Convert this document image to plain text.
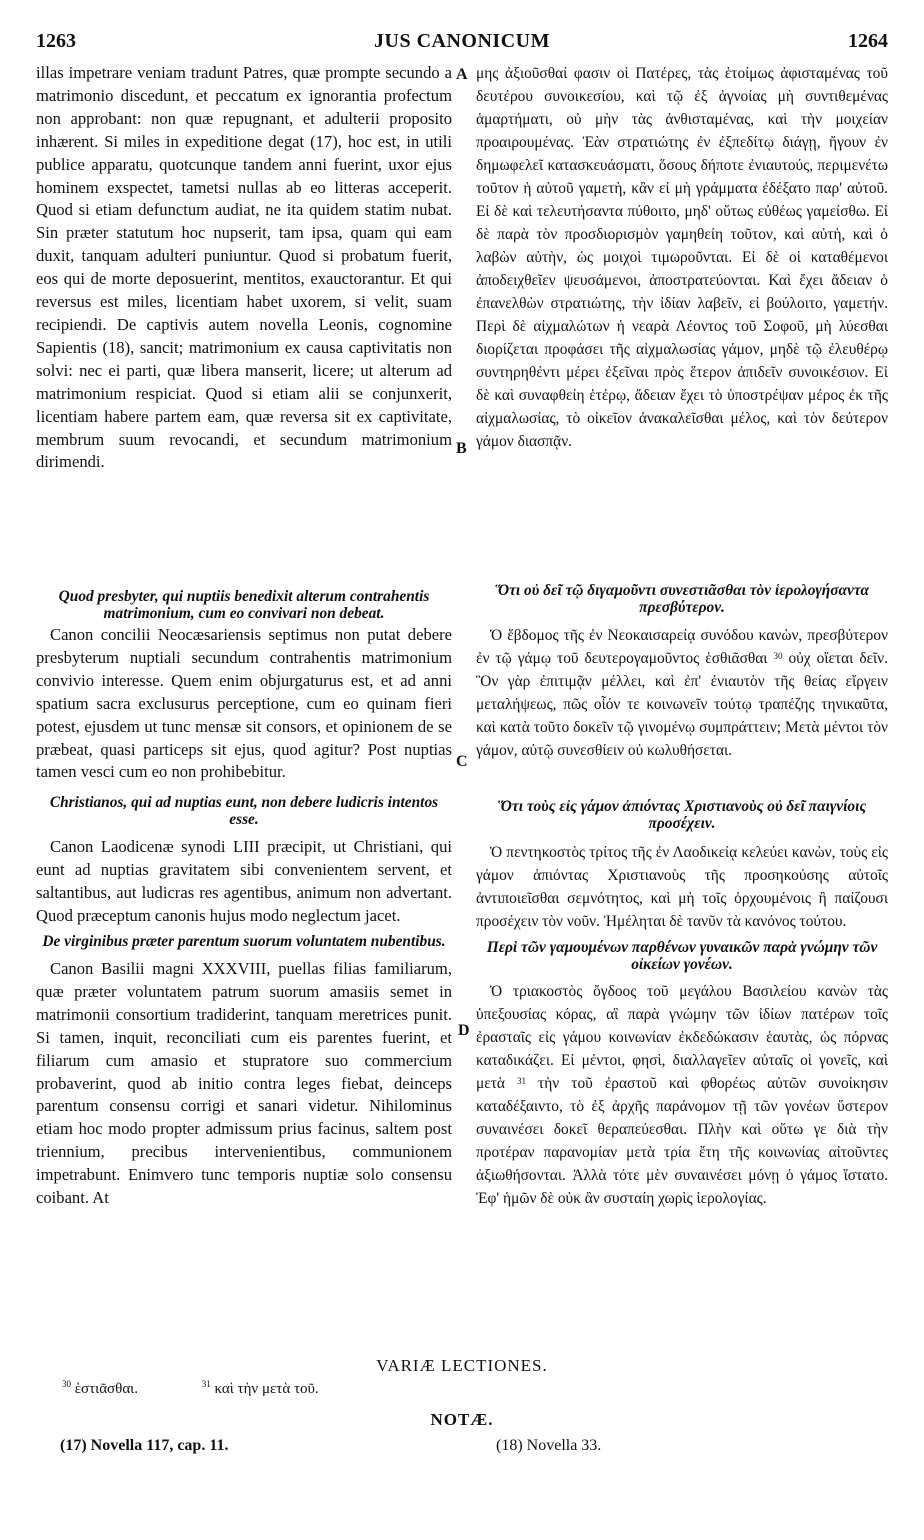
1263	JUS CANONICUM	1264
A
B
C
D

illas impetrare veniam tradunt Patres, quæ prompte secundo a matrimonio discedunt, et peccatum ex ignorantia profectum non approbant: non quæ repugnant, et adulterii proposito inhærent. Si miles in expeditione degat (17), hoc est, in utili publice apparatu, quotcunque tandem anni fuerint, uxor ejus hominem exspectet, tametsi nullas ab eo litteras acceperit. Quod si etiam defunctum audiat, ne ita quidem statim nubat. Sin præter statutum hoc nupserit, tam ipsa, quam qui eam duxit, tanquam adulteri puniuntur. Quod si probatum fuerit, eos qui de morte deposuerint, mentitos, exauctorantur. Et qui reversus est miles, licentiam habet uxorem, si velit, suam recipiendi. De captivis autem novella Leonis, cognomine Sapientis (18), sancit; matrimonium ex causa captivitatis non solvi: nec ei parti, quæ libera manserit, licere; ut alterum ad matrimonium respiciat. Quod si etiam alii se conjunxerit, licentiam habere partem eam, quæ reversa sit ex captivitate, membrum suum revocandi, et secundum matrimonium dirimendi.

Quod presbyter, qui nuptiis benedixit alterum contrahentis matrimonium, cum eo convivari non debeat.

Canon concilii Neocæsariensis septimus non putat debere presbyterum nuptiali secundum contrahentis matrimonium convivio interesse. Quem enim objurgaturus est, et ad anni spatium sacra exclusurus perceptione, cum eo quinam fieri potest, ejusdem ut tunc mensæ sit consors, et opinionem de se præbeat, quasi particeps sit ejus, quod agitur? Post nuptias tamen vesci cum eo non prohibebitur.

Christianos, qui ad nuptias eunt, non debere ludicris intentos esse.

Canon Laodicenæ synodi LIII præcipit, ut Christiani, qui eunt ad nuptias gravitatem sibi convenientem servent, et saltantibus, aut ludicras res agentibus, animum non advertant. Quod præceptum canonis hujus modo neglectum jacet.

De virginibus præter parentum suorum voluntatem nubentibus.

Canon Basilii magni XXXVIII, puellas filias familiarum, quæ præter voluntatem patrum suorum amasiis semet in matrimonii consortium tradiderint, tanquam meretrices punit. Si tamen, inquit, reconciliati cum eis parentes fuerint, et filiarum cum amasio et stupratore suo commercium probaverint, quod ab initio contra leges fiebat, deinceps parentum consensu corrigi et sanari videtur. Nihilominus etiam hoc modo propter admissum prius facinus, saltem post triennium, precibus intervenientibus, communionem impetrabunt. Enimvero tunc temporis nuptiæ solo consensu coibant. At

μης ἀξιοῦσθαί φασιν οἱ Πατέρες, τὰς ἑτοίμως ἀφισταμένας τοῦ δευτέρου συνοικεσίου, καὶ τῷ ἐξ ἀγνοίας μὴ συντιθεμένας ἁμαρτήματι, οὐ μὴν τὰς ἀνθισταμένας, καὶ τὴν μοιχείαν προαιρουμένας. Ἐὰν στρατιώτης ἐν ἐξπεδίτῳ διάγῃ, ἤγουν ἐν δημωφελεῖ κατασκευάσματι, ὅσους δήποτε ἐνιαυτούς, περιμενέτω τοῦτον ἡ αὐτοῦ γαμετὴ, κἂν εἰ μὴ γράμματα ἐδέξατο παρ' αὐτοῦ. Εἰ δὲ καὶ τελευτήσαντα πύθοιτο, μηδ' οὕτως εὐθέως γαμείσθω. Εἰ δὲ παρὰ τὸν προσδιορισμὸν γαμηθείη τοῦτον, καὶ αὐτὴ, καὶ ὁ λαβὼν αὐτὴν, ὡς μοιχοὶ τιμωροῦνται. Εἰ δὲ οἱ καταθέμενοι ἀποδειχθεῖεν ψευσάμενοι, ἀποστρατεύονται. Καὶ ἔχει ἄδειαν ὁ ἐπανελθὼν στρατιώτης, τὴν ἰδίαν λαβεῖν, εἰ βούλοιτο, γαμετήν. Περὶ δὲ αἰχμαλώτων ἡ νεαρὰ Λέοντος τοῦ Σοφοῦ, μὴ λύεσθαι διορίζεται προφάσει τῆς αἰχμαλωσίας γάμον, μηδὲ τῷ ἐλευθέρῳ συντηρηθέντι μέρει ἐξεῖναι πρὸς ἕτερον ἀπιδεῖν συνοικέσιον. Εἰ δὲ καὶ συναφθείη ἑτέρῳ, ἄδειαν ἔχει τὸ ὑποστρέψαν μέρος ἐκ τῆς αἰχμαλωσίας, τὸ οἰκεῖον ἀνακαλεῖσθαι μέλος, καὶ τὸν δεύτερον γάμον διασπᾷν.

Ὅτι οὐ δεῖ τῷ διγαμοῦντι συνεστιᾶσθαι τὸν ἱερολογήσαντα πρεσβύτερον.

Ὁ ἕβδομος τῆς ἐν Νεοκαισαρείᾳ συνόδου κανὼν, πρεσβύτερον ἐν τῷ γάμῳ τοῦ δευτερογαμοῦντος ἑσθιᾶσθαι $^{30}$ οὐχ οἴεται δεῖν. Ὃν γὰρ ἐπιτιμᾷν μέλλει, καὶ ἐπ' ἐνιαυτὸν τῆς θείας εἴργειν μεταλήψεως, πῶς οἷόν τε κοινωνεῖν τούτῳ τραπέζης τηνικαῦτα, καὶ κατὰ τοῦτο δοκεῖν τῷ γινομένῳ συμπράττειν; Μετὰ μέντοι τὸν γάμον, αὐτῷ συνεσθίειν οὐ κωλυθήσεται.

Ὅτι τοὺς εἰς γάμον ἀπιόντας Χριστιανοὺς οὐ δεῖ παιγνίοις προσέχειν.

Ὁ πεντηκοστὸς τρίτος τῆς ἐν Λαοδικείᾳ κελεύει κανὼν, τοὺς εἰς γάμον ἀπιόντας Χριστιανοὺς τῆς προσηκούσης αὐτοῖς ἀντιποιεῖσθαι σεμνότητος, καὶ μὴ τοῖς ὀρχουμένοις ἢ παίζουσι προσέχειν τὸν νοῦν. Ἠμέληται δὲ τανῦν τὰ κανόνος τούτου.

Περὶ τῶν γαμουμένων παρθένων γυναικῶν παρὰ γνώμην τῶν οἰκείων γονέων.

Ὁ τριακοστὸς ὄγδοος τοῦ μεγάλου Βασιλείου κανὼν τὰς ὑπεξουσίας κόρας, αἳ παρὰ γνώμην τῶν ἰδίων πατέρων τοῖς ἐρασταῖς εἰς γάμου κοινωνίαν ἐκδεδώκασιν ἑαυτὰς, ὡς πόρνας καταδικάζει. Εἰ μέντοι, φησὶ, διαλλαγεῖεν αὐταῖς οἱ γονεῖς, καὶ μετὰ $^{31}$ τὴν τοῦ ἐραστοῦ καὶ φθορέως αὐτῶν συνοίκησιν καταδέξαιντο, τὸ ἐξ ἀρχῆς παράνομον τῇ τῶν γονέων ὕστερον συναινέσει δοκεῖ θεραπεύεσθαι. Πλὴν καὶ οὕτω γε διὰ τὴν προτέραν παρανομίαν μετὰ τρία ἔτη τῆς κοινωνίας αἰτοῦντες ἀξιωθήσονται. Ἀλλὰ τότε μὲν συναινέσει μόνῃ ὁ γάμος ἵστατο. Ἐφ' ἡμῶν δὲ οὐκ ἂν συσταίη χωρὶς ἱερολογίας.

VARIÆ LECTIONES.
$^{30}$ ἑστιᾶσθαι.	$^{31}$ καὶ τὴν μετὰ τοῦ.
NOTÆ.
(17) Novella 117, cap. 11.	(18) Novella 33.
